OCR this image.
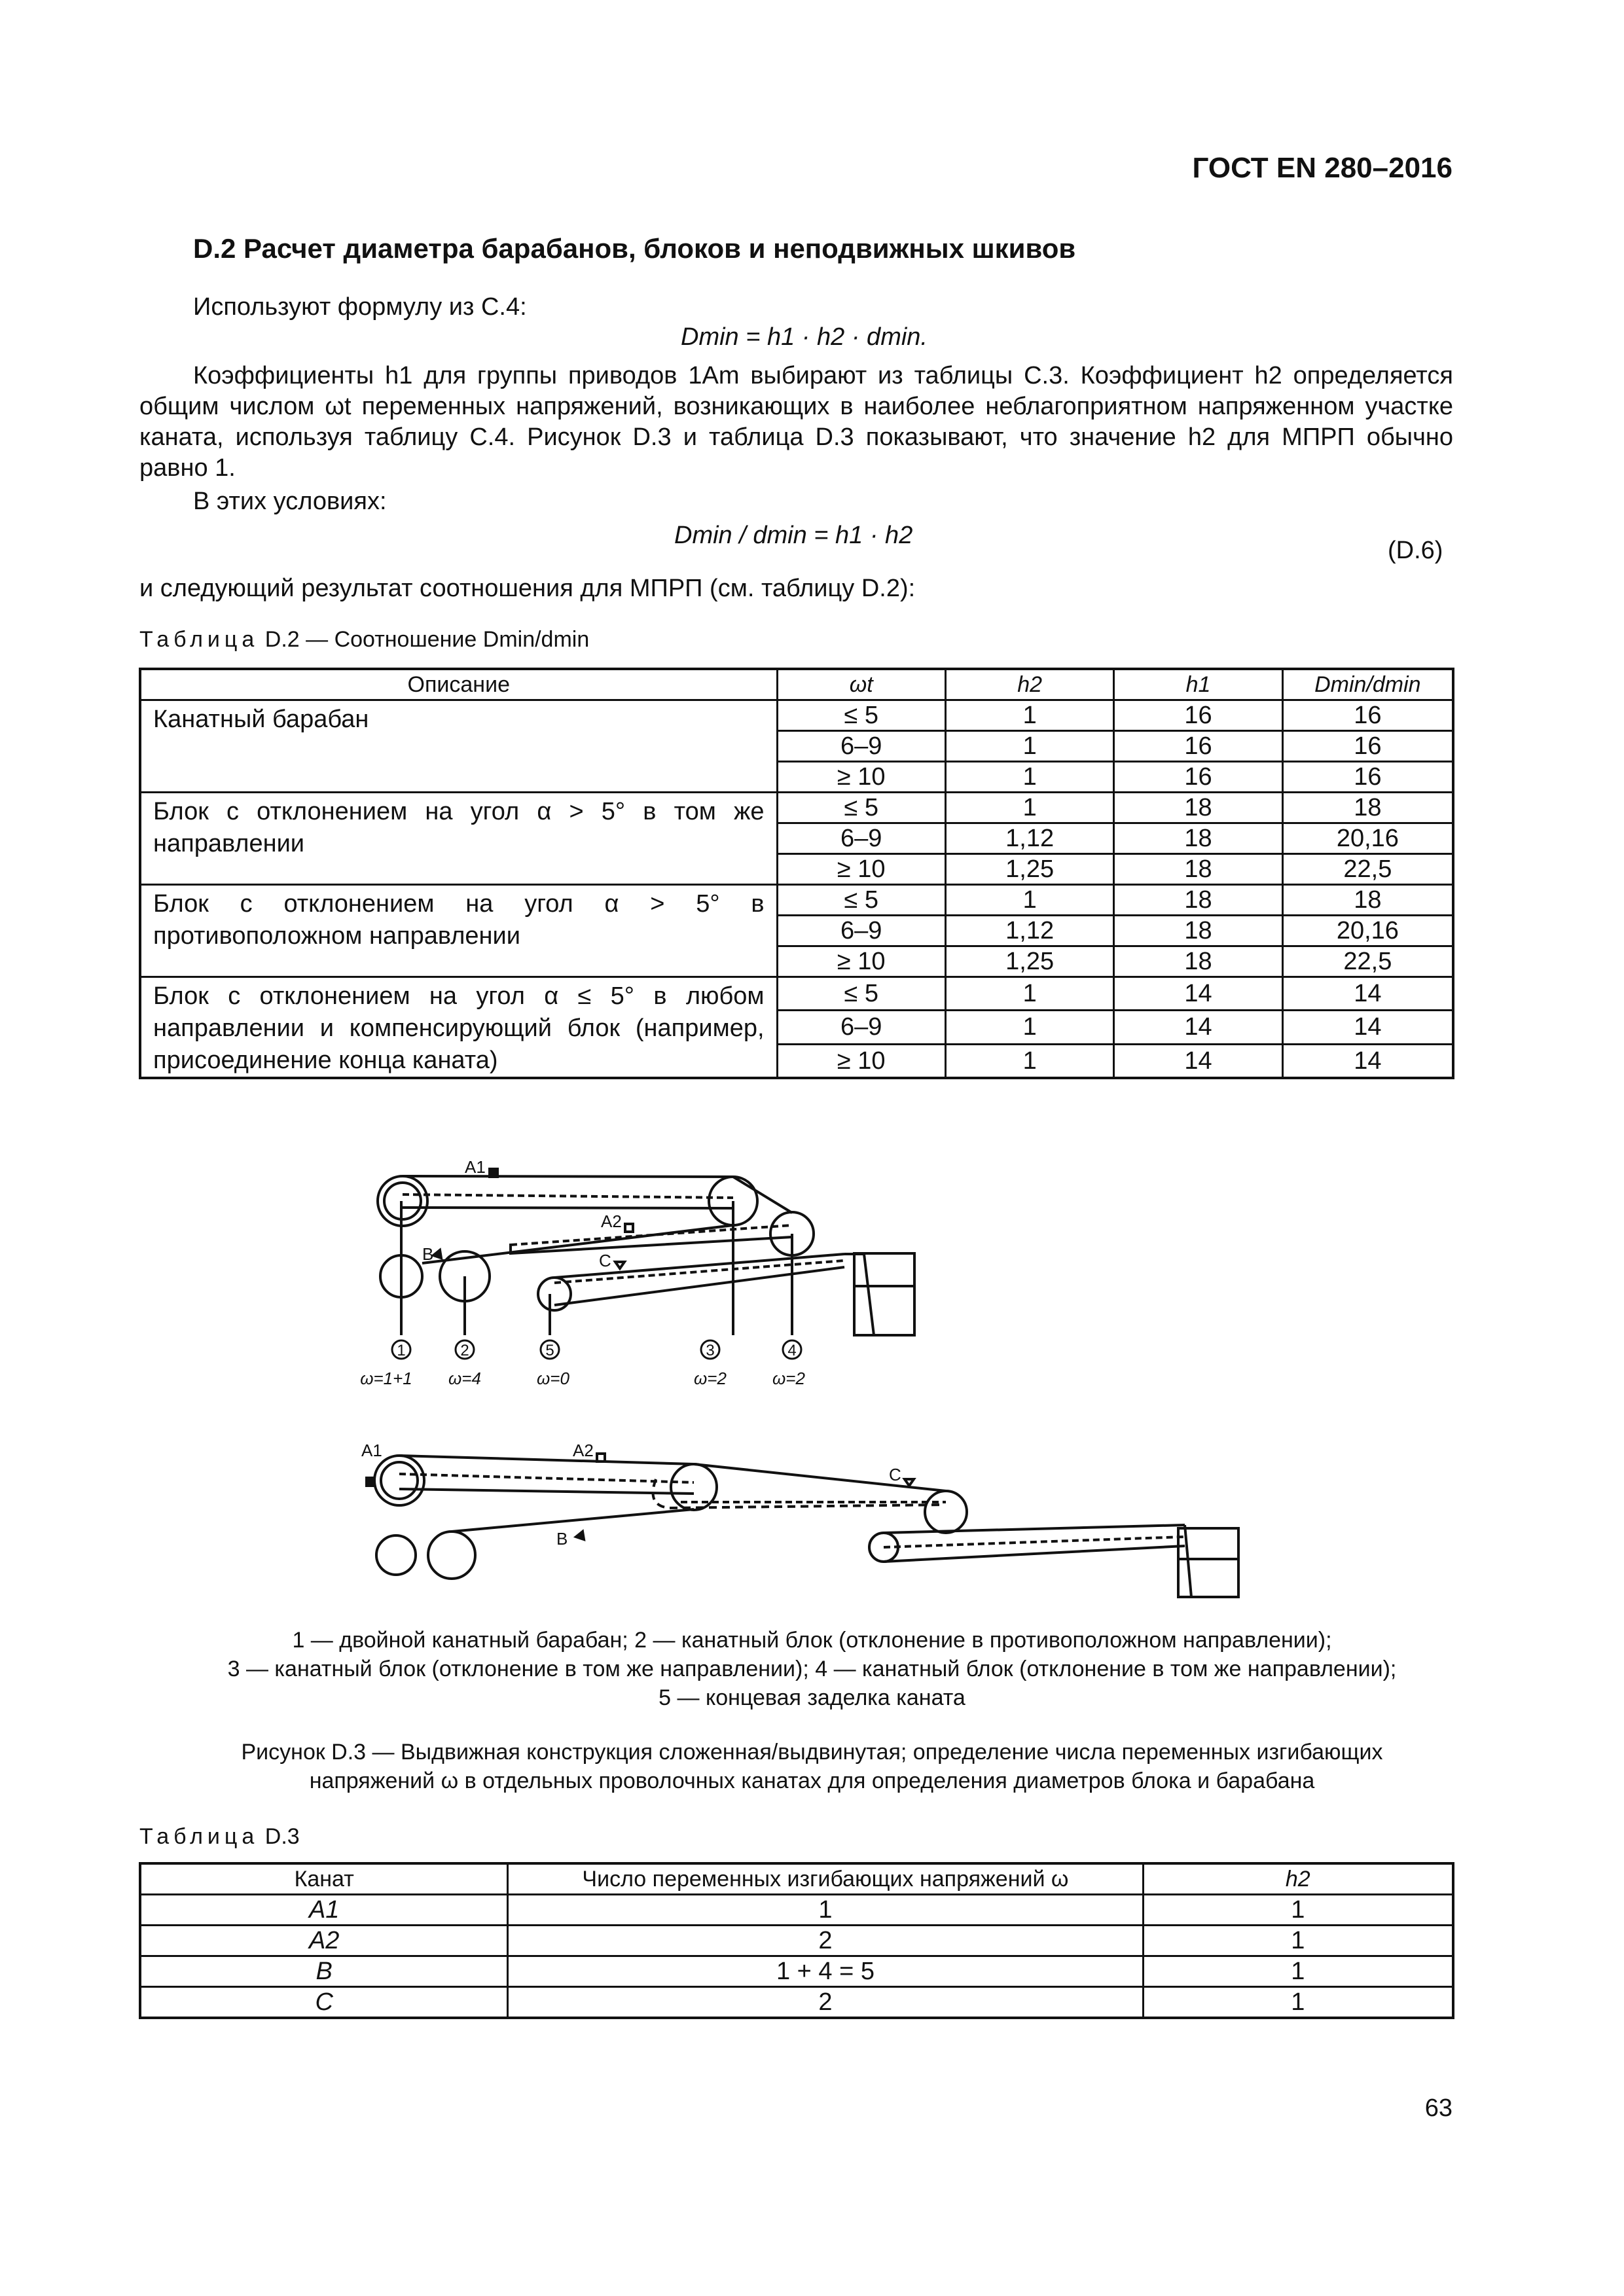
ГОСТ EN 280–2016
D.2 Расчет диаметра барабанов, блоков и неподвижных шкивов
Используют формулу из C.4:
Dmin = h1 · h2 · dmin.
Коэффициенты h1 для группы приводов 1Am выбирают из таблицы C.3. Коэффициент h2 определяется общим числом ωt переменных напряжений, возникающих в наиболее неблагоприятном напряженном участке каната, используя таблицу C.4. Рисунок D.3 и таблица D.3 показывают, что значение h2 для МПРП обычно равно 1.
В этих условиях:
Dmin / dmin = h1 · h2
(D.6)
и следующий результат соотношения для МПРП (см. таблицу D.2):
Таблица D.2 — Соотношение Dmin/dmin
Описание	ωt	h2	h1	Dmin/dmin
Канатный барабан	≤ 5	1	16	16
	6–9	1	16	16
	≥ 10	1	16	16
Блок с отклонением на угол α > 5° в том же направлении	≤ 5	1	18	18
	6–9	1,12	18	20,16
	≥ 10	1,25	18	22,5
Блок с отклонением на угол α > 5° в противоположном направлении	≤ 5	1	18	18
	6–9	1,12	18	20,16
	≥ 10	1,25	18	22,5
Блок с отклонением на угол α ≤ 5° в любом направлении и компенсирующий блок (например, присоединение конца каната)	≤ 5	1	14	14
	6–9	1	14	14
	≥ 10	1	14	14
A1
A2
C
B
1	2	5	3	4
ω=1+1 ω=4	ω=0	ω=2	ω=2
A1	A2
C
B
1 — двойной канатный барабан; 2 — канатный блок (отклонение в противоположном направлении);
3 — канатный блок (отклонение в том же направлении); 4 — канатный блок (отклонение в том же направлении);
5 — концевая заделка каната
Рисунок D.3 — Выдвижная конструкция сложенная/выдвинутая; определение числа переменных изгибающих
напряжений ω в отдельных проволочных канатах для определения диаметров блока и барабана
Таблица D.3
Канат	Число переменных изгибающих напряжений ω	h2
A1	1	1
A2	2	1
B	1 + 4 = 5	1
C	2	1
63
